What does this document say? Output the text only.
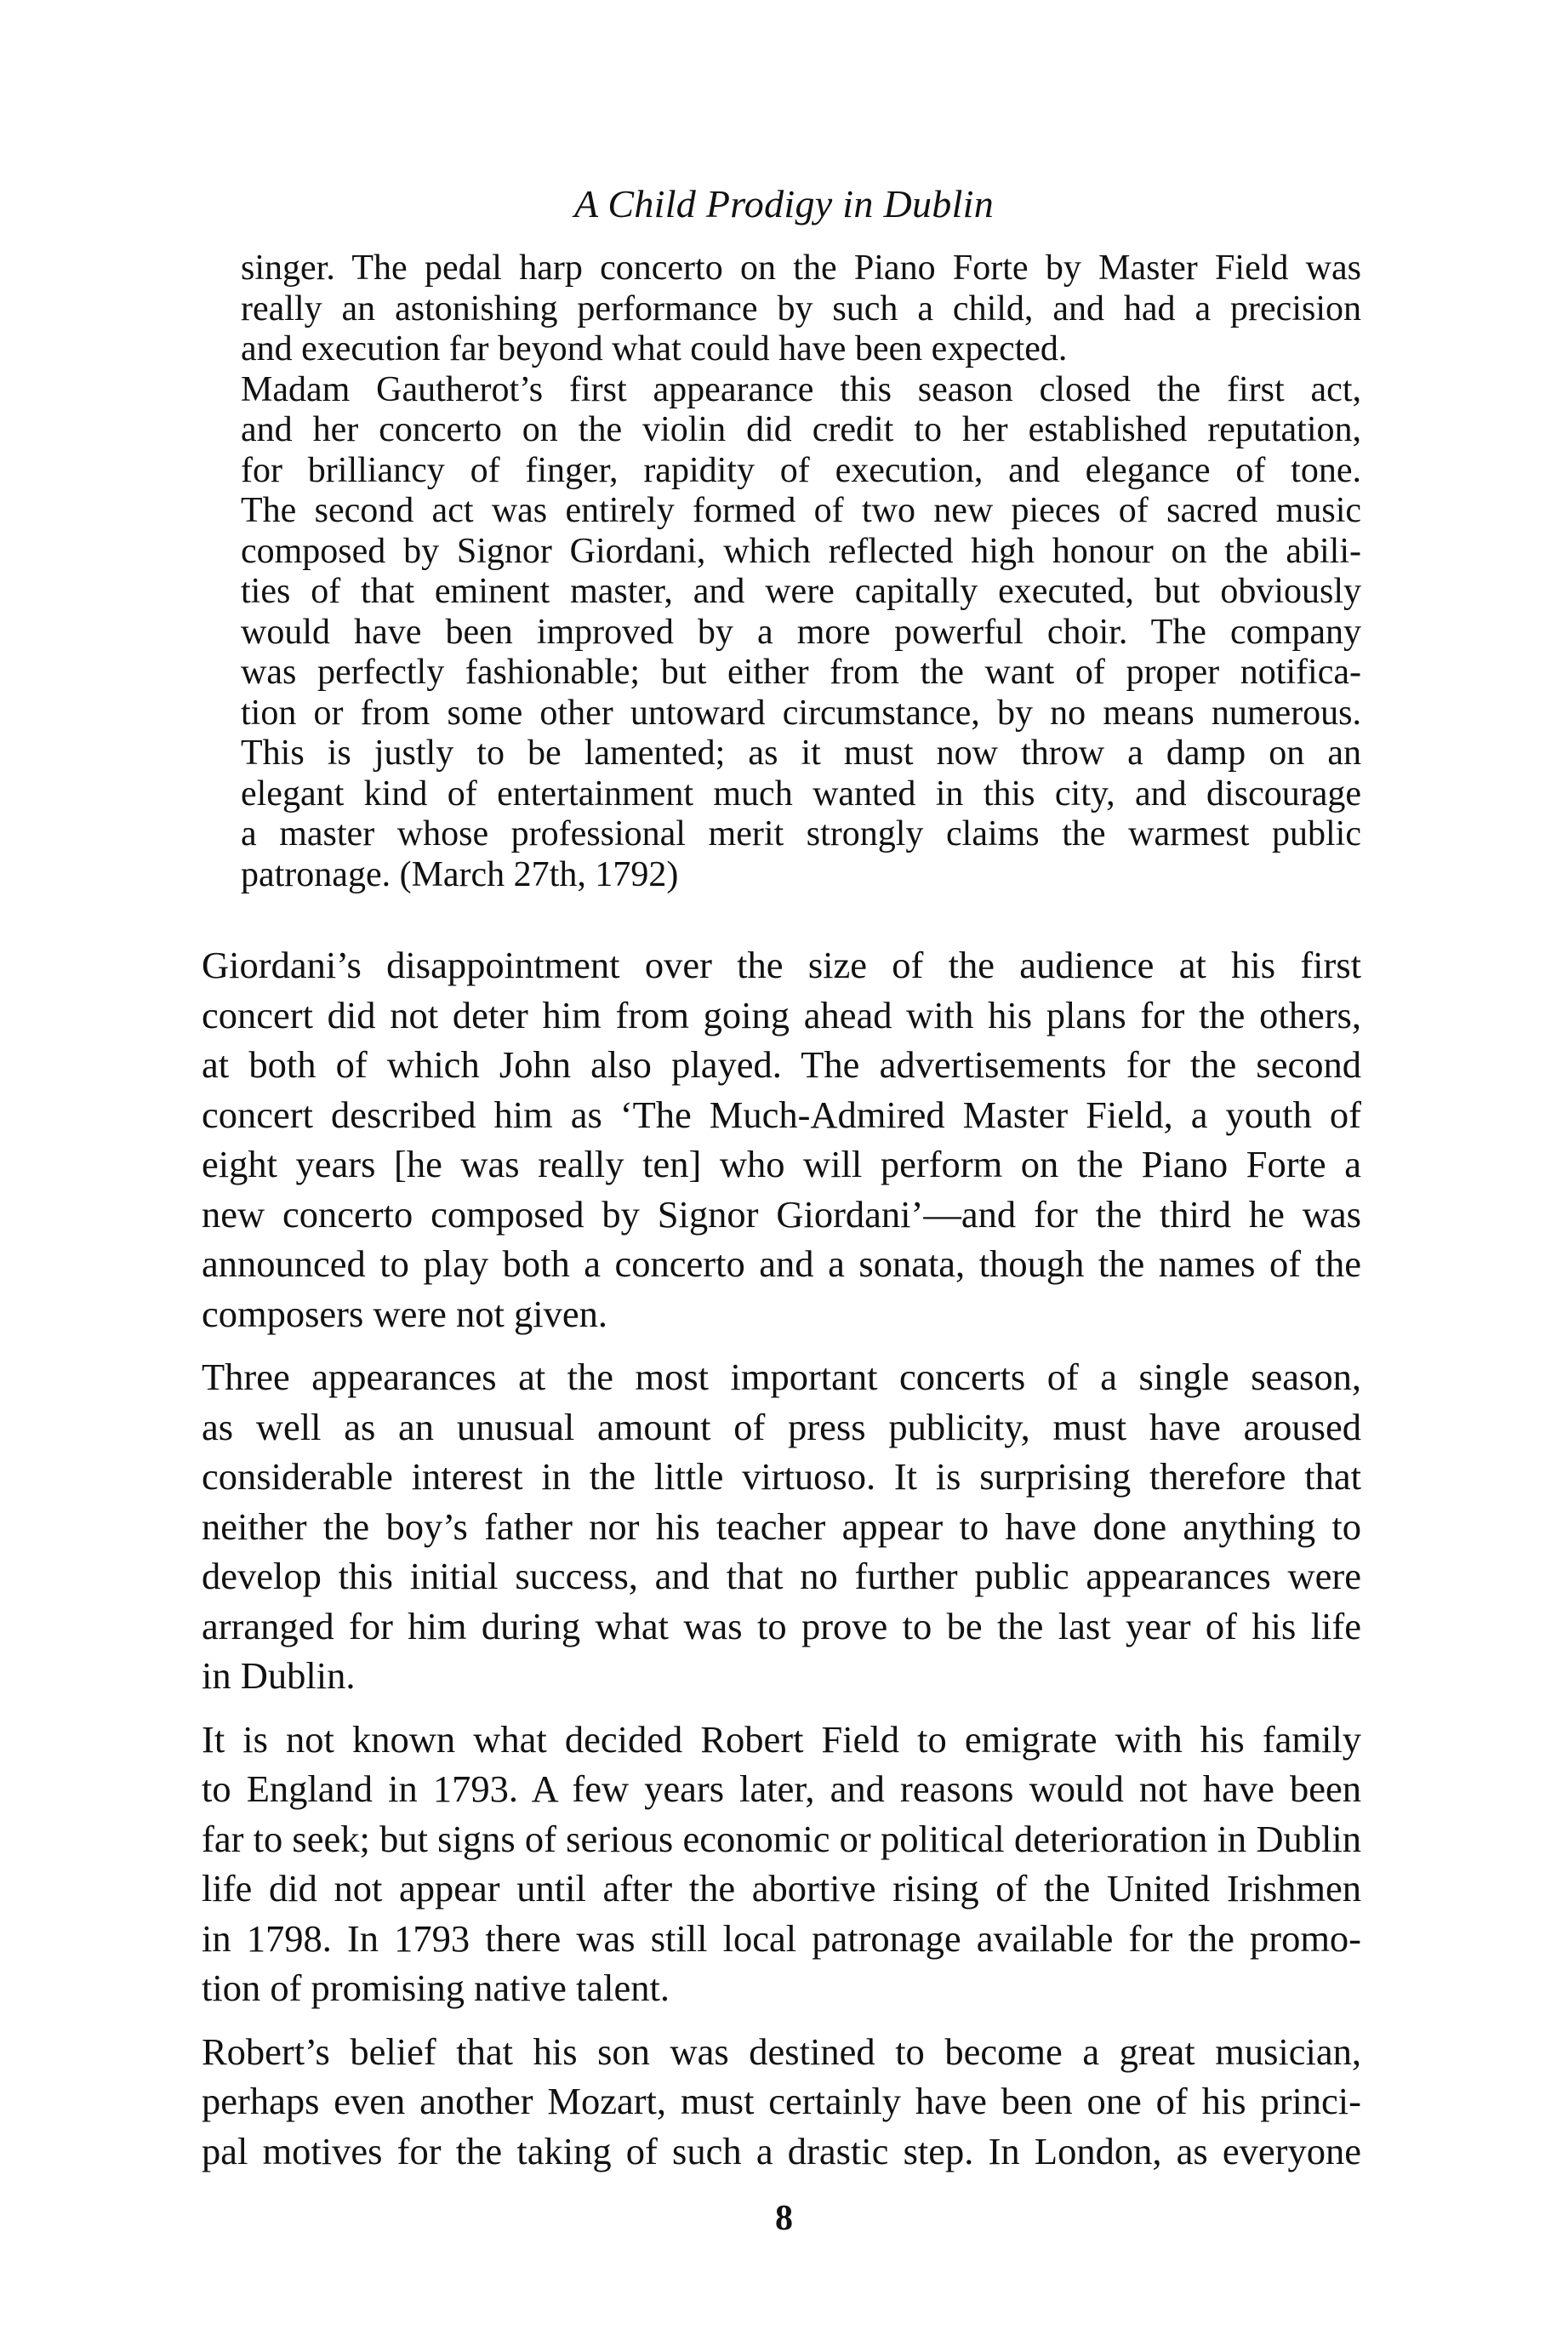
A Child Prodigy in Dublin

singer. The pedal harp concerto on the Piano Forte by Master Field was
really an astonishing performance by such a child, and had a precision
and execution far beyond what could have been expected.

Madam Gautherot’s first appearance this season closed the first act,
and her concerto on the violin did credit to her established reputation,
for brilliancy of finger, rapidity of execution, and elegance of tone.
The second act was entirely formed of two new pieces of sacred music
composed by Signor Giordani, which reflected high honour on the abili-
ties of that eminent master, and were capitally executed, but obviously
would have been improved by a more powerful choir. The company
was perfectly fashionable; but either from the want of proper notifica-
tion or from some other untoward circumstance, by no means numerous.
This is justly to be lamented; as it must now throw a damp on an
elegant kind of entertainment much wanted in this city, and discourage
a master whose professional merit strongly claims the warmest public
patronage. (March 27th, 1792)

Giordani’s disappointment over the size of the audience at his first
concert did not deter him from going ahead with his plans for the others,
at both of which John also played. The advertisements for the second
concert described him as ‘The Much-Admired Master Field, a youth of
eight years [he was really ten] who will perform on the Piano Forte a
new concerto composed by Signor Giordani’—and for the third he was
announced to play both a concerto and a sonata, though the names of the
composers were not given.

Three appearances at the most important concerts of a single season,
as well as an unusual amount of press publicity, must have aroused
considerable interest in the little virtuoso. It is surprising therefore that
neither the boy’s father nor his teacher appear to have done anything to
develop this initial success, and that no further public appearances were
arranged for him during what was to prove to be the last year of his life
in Dublin.

It is not known what decided Robert Field to emigrate with his family
to England in 1793. A few years later, and reasons would not have been
far to seek; but signs of serious economic or political deterioration in Dublin
life did not appear until after the abortive rising of the United Irishmen
in 1798. In 1793 there was still local patronage available for the promo-
tion of promising native talent.

Robert’s belief that his son was destined to become a great musician,
perhaps even another Mozart, must certainly have been one of his princi-
pal motives for the taking of such a drastic step. In London, as everyone

8
